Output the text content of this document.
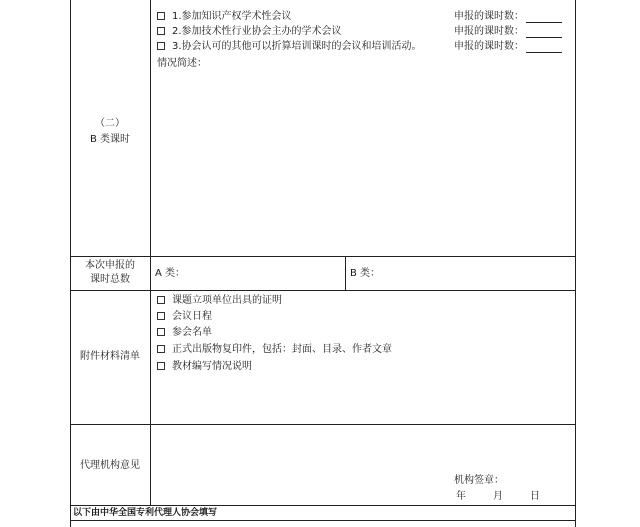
（二）
B 类课时
1.参加知识产权学术性会议	申报的课时数：
2.参加技术性行业协会主办的学术会议	申报的课时数：
3.协会认可的其他可以折算培训课时的会议和培训活动。	申报的课时数：
情况简述：
本次申报的
课时总数
A 类：	B 类：
附件材料清单
课题立项单位出具的证明
会议日程
参会名单
正式出版物复印件，包括：封面、目录、作者文章
教材编写情况说明
代理机构意见
机构签章：
年	月	日
以下由中华全国专利代理人协会填写
